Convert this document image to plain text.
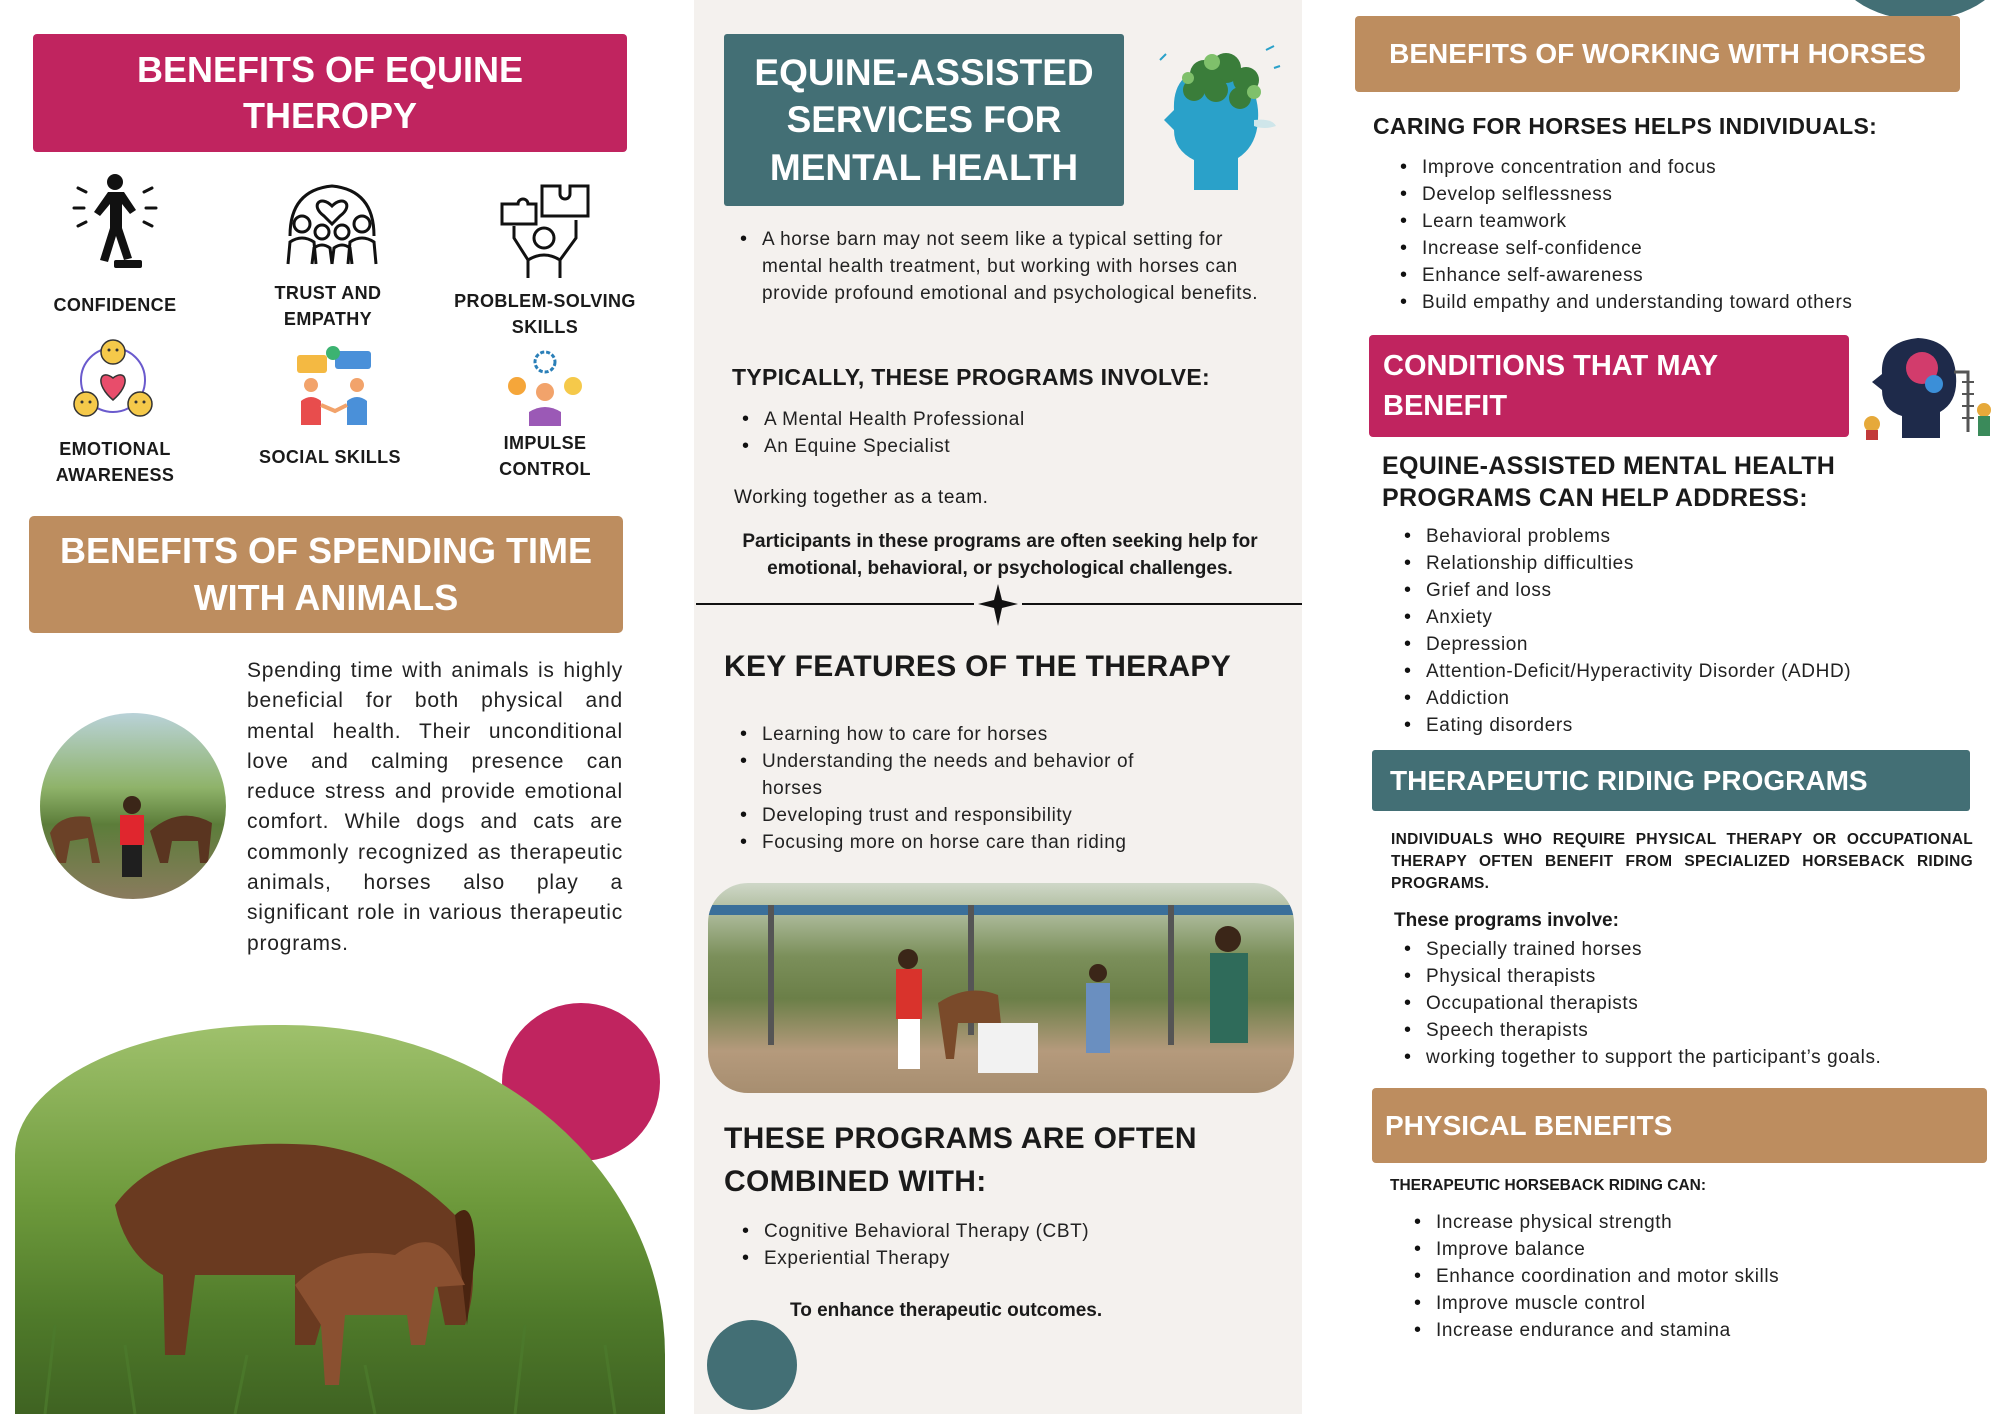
BENEFITS OF EQUINE THEROPY
CONFIDENCE
TRUST AND EMPATHY
PROBLEM-SOLVING SKILLS
EMOTIONAL AWARENESS
SOCIAL SKILLS
IMPULSE CONTROL
BENEFITS OF SPENDING TIME WITH ANIMALS
Spending time with animals is highly beneficial for both physical and mental health. Their unconditional love and calming presence can reduce stress and provide emotional comfort. While dogs and cats are commonly recognized as therapeutic animals, horses also play a significant role in various therapeutic programs.
EQUINE-ASSISTED SERVICES FOR MENTAL HEALTH
• A horse barn may not seem like a typical setting for mental health treatment, but working with horses can provide profound emotional and psychological benefits.
TYPICALLY, THESE PROGRAMS INVOLVE:
• A Mental Health Professional
• An Equine Specialist
Working together as a team.
Participants in these programs are often seeking help for emotional, behavioral, or psychological challenges.
KEY FEATURES OF THE THERAPY
• Learning how to care for horses
• Understanding the needs and behavior of horses
• Developing trust and responsibility
• Focusing more on horse care than riding
THESE PROGRAMS ARE OFTEN COMBINED WITH:
• Cognitive Behavioral Therapy (CBT)
• Experiential Therapy
To enhance therapeutic outcomes.
BENEFITS OF WORKING WITH HORSES
CARING FOR HORSES HELPS INDIVIDUALS:
• Improve concentration and focus
• Develop selflessness
• Learn teamwork
• Increase self-confidence
• Enhance self-awareness
• Build empathy and understanding toward others
CONDITIONS THAT MAY BENEFIT
EQUINE-ASSISTED MENTAL HEALTH PROGRAMS CAN HELP ADDRESS:
• Behavioral problems
• Relationship difficulties
• Grief and loss
• Anxiety
• Depression
• Attention-Deficit/Hyperactivity Disorder (ADHD)
• Addiction
• Eating disorders
THERAPEUTIC RIDING PROGRAMS
INDIVIDUALS WHO REQUIRE PHYSICAL THERAPY OR OCCUPATIONAL THERAPY OFTEN BENEFIT FROM SPECIALIZED HORSEBACK RIDING PROGRAMS.
These programs involve:
• Specially trained horses
• Physical therapists
• Occupational therapists
• Speech therapists
• working together to support the participant’s goals.
PHYSICAL BENEFITS
THERAPEUTIC HORSEBACK RIDING CAN:
• Increase physical strength
• Improve balance
• Enhance coordination and motor skills
• Improve muscle control
• Increase endurance and stamina
